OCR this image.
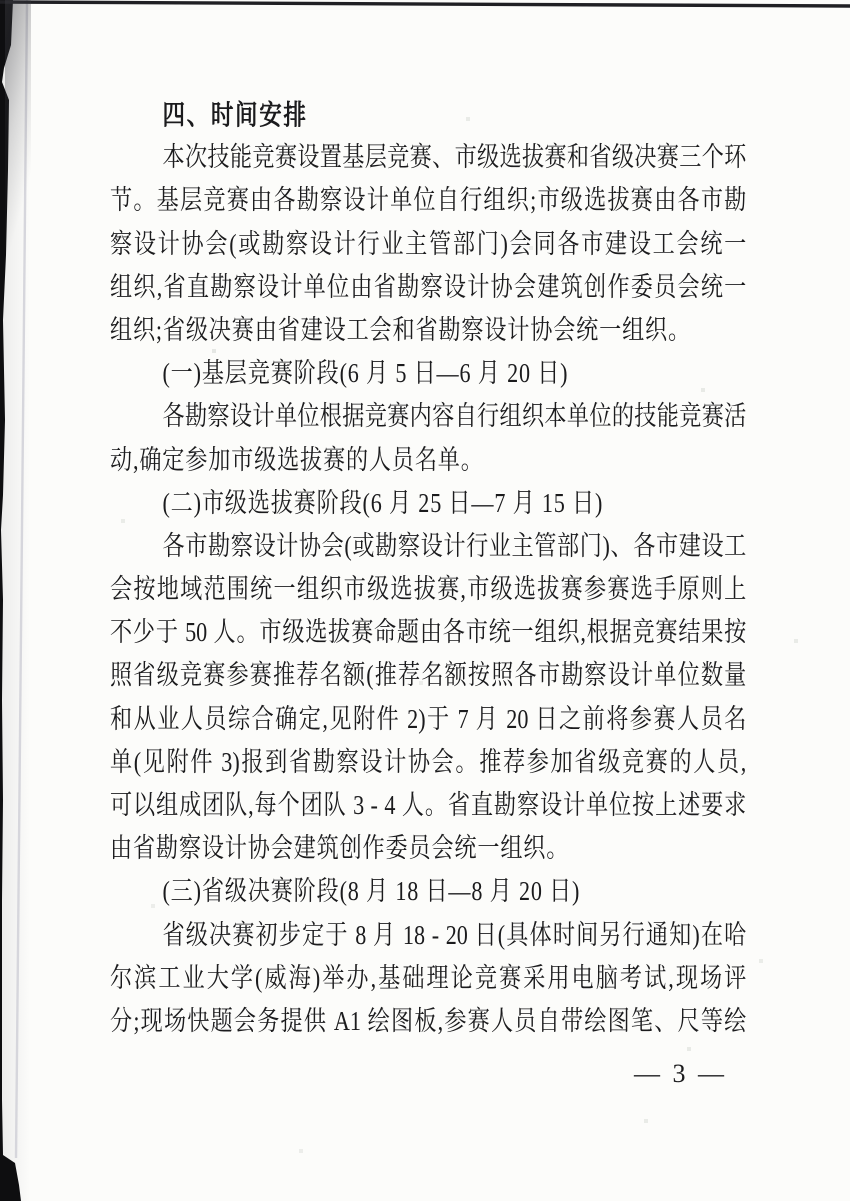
四、时间安排
本次技能竞赛设置基层竞赛、市级选拔赛和省级决赛三个环
节。基层竞赛由各勘察设计单位自行组织;市级选拔赛由各市勘
察设计协会(或勘察设计行业主管部门)会同各市建设工会统一
组织,省直勘察设计单位由省勘察设计协会建筑创作委员会统一
组织;省级决赛由省建设工会和省勘察设计协会统一组织。
(一)基层竞赛阶段(6 月 5 日—6 月 20 日)
各勘察设计单位根据竞赛内容自行组织本单位的技能竞赛活
动,确定参加市级选拔赛的人员名单。
(二)市级选拔赛阶段(6 月 25 日—7 月 15 日)
各市勘察设计协会(或勘察设计行业主管部门)、各市建设工
会按地域范围统一组织市级选拔赛,市级选拔赛参赛选手原则上
不少于 50 人。市级选拔赛命题由各市统一组织,根据竞赛结果按
照省级竞赛参赛推荐名额(推荐名额按照各市勘察设计单位数量
和从业人员综合确定,见附件 2)于 7 月 20 日之前将参赛人员名
单(见附件 3)报到省勘察设计协会。推荐参加省级竞赛的人员,
可以组成团队,每个团队 3 - 4 人。省直勘察设计单位按上述要求
由省勘察设计协会建筑创作委员会统一组织。
(三)省级决赛阶段(8 月 18 日—8 月 20 日)
省级决赛初步定于 8 月 18 - 20 日(具体时间另行通知)在哈
尔滨工业大学(威海)举办,基础理论竞赛采用电脑考试,现场评
分;现场快题会务提供 A1 绘图板,参赛人员自带绘图笔、尺等绘
— 3 —
